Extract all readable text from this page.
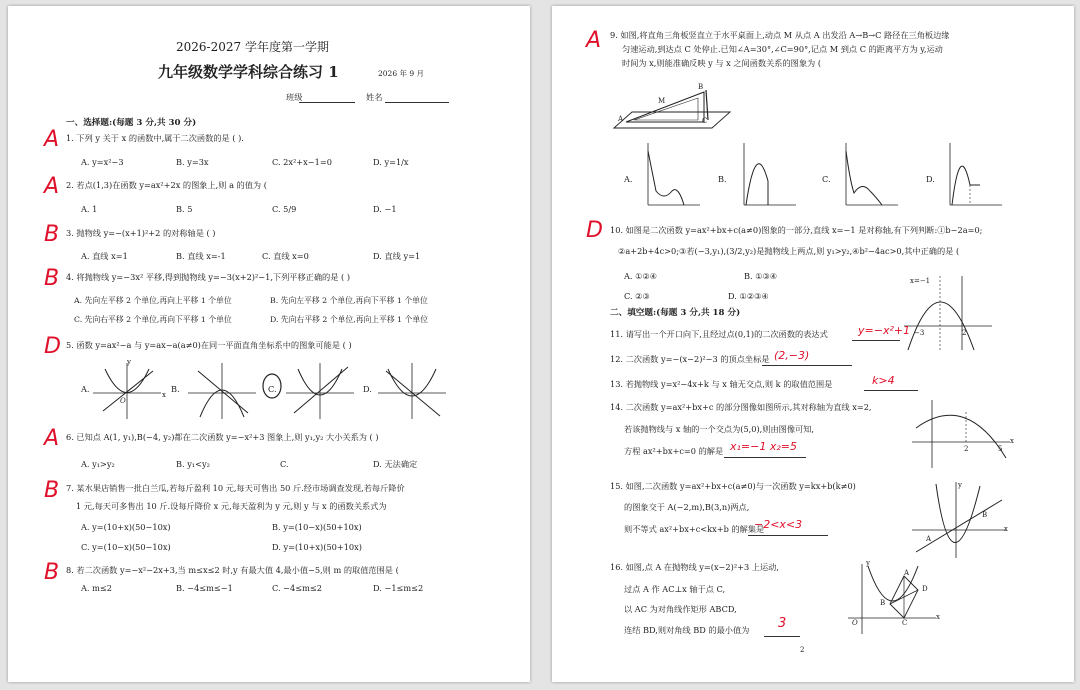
2026-2027 学年度第一学期
九年级数学学科综合练习 1	2026 年 9 月
班级	姓名
一、选择题:(每题 3 分,共 30 分)
A 1. 下列 y 关于 x 的函数中,属于二次函数的是 ( ).
A. y=x²−3	B. y=3x	C. 2x²+x−1=0	D. y=1/x
A 2. 若点(1,3)在函数 y=ax²+2x 的图象上,则 a 的值为 (
A. 1	B. 5	C. 5/9	D. −1
B 3. 抛物线 y=−(x+1)²+2 的对称轴是 ( )
A. 直线 x=1	B. 直线 x=-1	C. 直线 x=0	D. 直线 y=1
B 4. 将抛物线 y=−3x² 平移,得到抛物线 y=−3(x+2)²−1,下列平移正确的是 ( )
A. 先向左平移 2 个单位,再向上平移 1 个单位	B. 先向左平移 2 个单位,再向下平移 1 个单位
C. 先向右平移 2 个单位,再向下平移 1 个单位	D. 先向右平移 2 个单位,再向上平移 1 个单位
D 5. 函数 y=ax²−a 与 y=ax−a(a≠0)在同一平面直角坐标系中的图象可能是 ( )
A.	B.	C.	D.
y
O
x
A 6. 已知点 A(1, y₁),B(−4, y₂)都在二次函数 y=−x²+3 图象上,则 y₁,y₂ 大小关系为 ( )
A. y₁>y₂	B. y₁<y₂	C.	D. 无法确定
B 7. 某水果店销售一批白兰瓜,若每斤盈利 10 元,每天可售出 50 斤.经市场调查发现,若每斤降价
1 元,每天可多售出 10 斤.设每斤降价 x 元,每天盈利为 y 元,则 y 与 x 的函数关系式为
A. y=(10+x)(50−10x)	B. y=(10−x)(50+10x)
C. y=(10−x)(50−10x)	D. y=(10+x)(50+10x)
B 8. 若二次函数 y=−x²−2x+3,当 m≤x≤2 时,y 有最大值 4,最小值−5,则 m 的取值范围是 (
A. m≤2	B. −4≤m≤−1	C. −4≤m≤2	D. −1≤m≤2
A 9. 如图,将直角三角板竖直立于水平桌面上,动点 M 从点 A 出发沿 A→B→C 路径在三角板边缘
匀速运动,到达点 C 处停止.已知∠A=30°,∠C=90°,记点 M 到点 C 的距离平方为 y,运动
时间为 x,则能准确反映 y 与 x 之间函数关系的图象为 (
A
B
C
M
A.	B.	C.	D.
D 10. 如图是二次函数 y=ax²+bx+c(a≠0)图象的一部分,直线 x=−1 是对称轴,有下列判断:①b−2a=0;
②a+2b+4c>0;③若(−3,y₁),(3/2,y₂)是抛物线上两点,则 y₁>y₂,④b²−4ac>0,其中正确的是 (
A. ①②④	B. ①③④
C. ②③	D. ①②③④
x=−1
−3	2
二、填空题:(每题 3 分,共 18 分)
11. 请写出一个开口向下,且经过点(0,1)的二次函数的表达式	y=−x²+1
12. 二次函数 y=−(x−2)²−3 的顶点坐标是 (2,−3)
13. 若抛物线 y=x²−4x+k 与 x 轴无交点,则 k 的取值范围是	k>4
14. 二次函数 y=ax²+bx+c 的部分图像如图所示,其对称轴为直线 x=2,
若该抛物线与 x 轴的一个交点为(5,0),则由图像可知,
方程 ax²+bx+c=0 的解是 x₁=−1 x₂=5	2	5
x
15. 如图,二次函数 y=ax²+bx+c(a≠0)与一次函数 y=kx+b(k≠0)
的图象交于 A(−2,m),B(3,n)两点,
则不等式 ax²+bx+c<kx+b 的解集是
−2<x<3
A
B
y
x
16. 如图,点 A 在抛物线 y=(x−2)²+3 上运动,
过点 A 作 AC⊥x 轴于点 C,
以 AC 为对角线作矩形 ABCD,
连结 BD,则对角线 BD 的最小值为 3
A
B
C
D
O
y
x
2
